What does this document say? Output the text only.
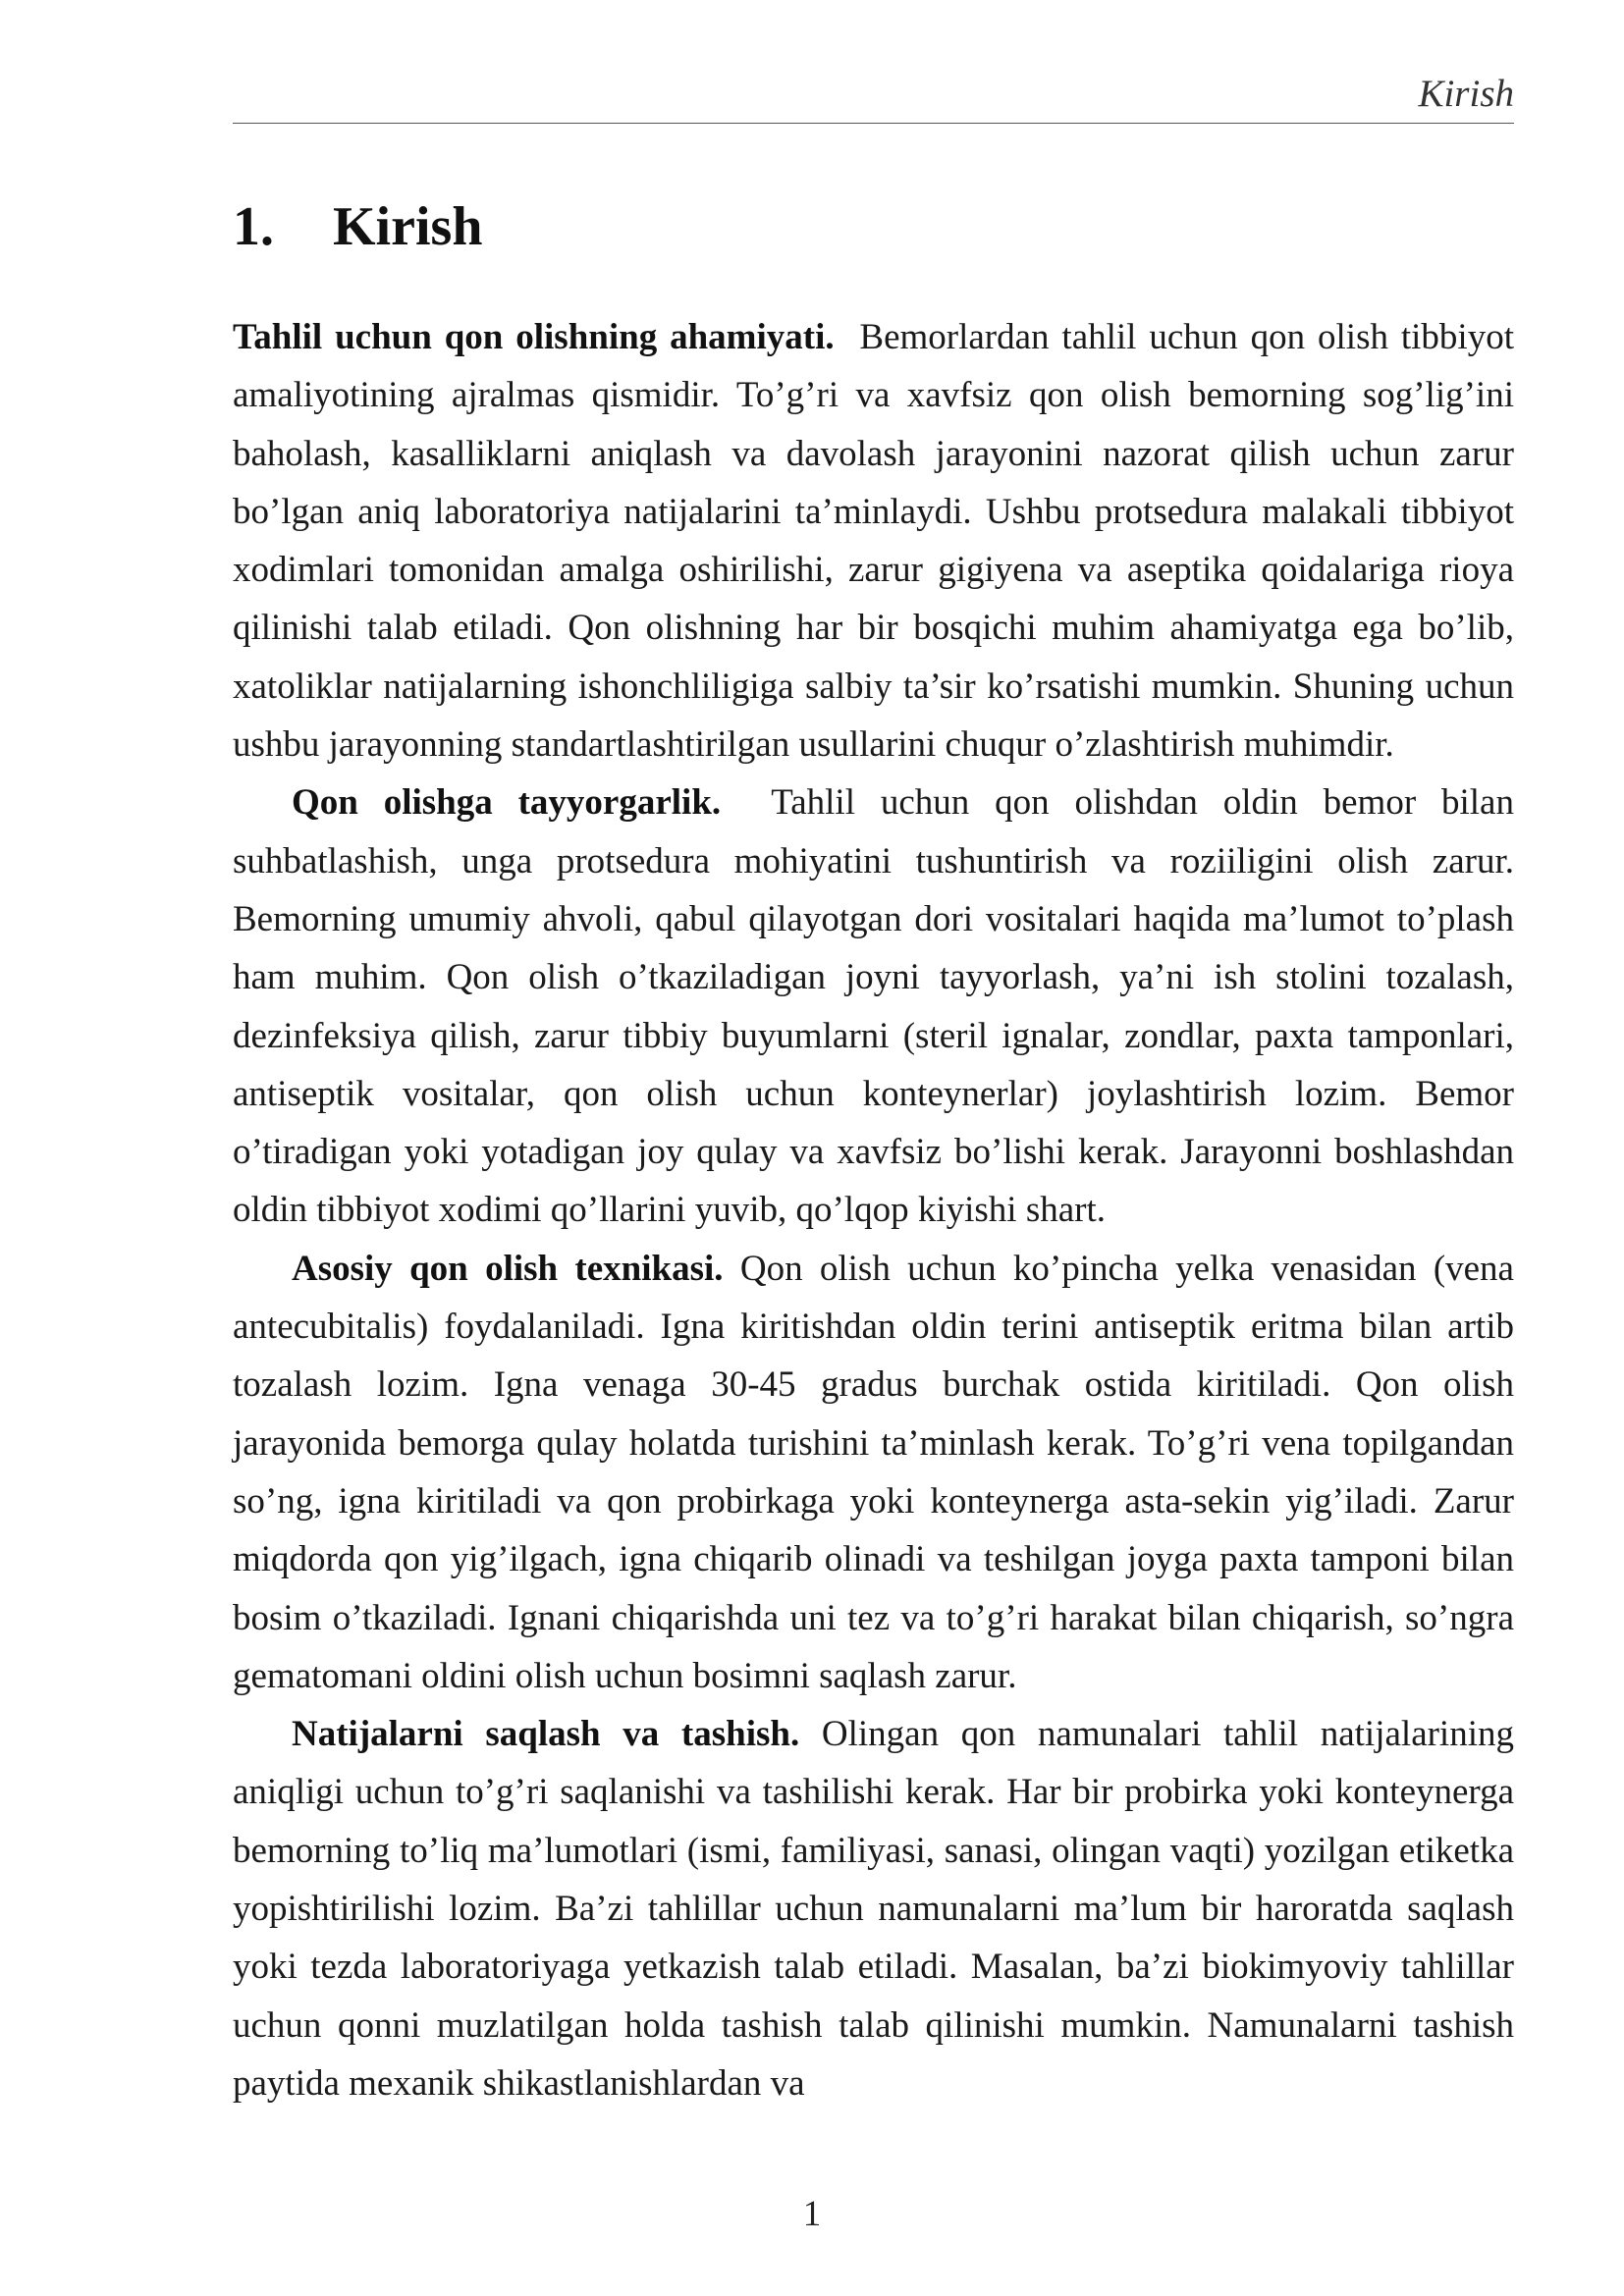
Kirish
1. Kirish

Tahlil uchun qon olishning ahamiyati. Bemorlardan tahlil uchun qon olish tibbiyot amaliyotining ajralmas qismidir. To’g’ri va xavfsiz qon olish bemorning sog’lig’ini baholash, kasalliklarni aniqlash va davolash jarayonini nazorat qilish uchun zarur bo’lgan aniq laboratoriya natijalarini ta’minlaydi. Ushbu protsedura malakali tibbiyot xodimlari tomonidan amalga oshirilishi, zarur gigiyena va aseptika qoidalariga rioya qilinishi talab etiladi. Qon olishning har bir bosqichi muhim ahamiyatga ega bo’lib, xatoliklar natijalarning ishonchliligiga salbiy ta’sir ko’rsatishi mumkin. Shuning uchun ushbu jarayonning standartlashtirilgan usullarini chuqur o’zlashtirish muhimdir.

Qon olishga tayyorgarlik. Tahlil uchun qon olishdan oldin bemor bilan suhbatlashish, unga protsedura mohiyatini tushuntirish va roziiligini olish zarur. Bemorning umumiy ahvoli, qabul qilayotgan dori vositalari haqida ma’lumot to’plash ham muhim. Qon olish o’tkaziladigan joyni tayyorlash, ya’ni ish stolini tozalash, dezinfeksiya qilish, zarur tibbiy buyumlarni (steril ignalar, zondlar, paxta tamponlari, antiseptik vositalar, qon olish uchun konteynerlar) joylashtirish lozim. Bemor o’tiradigan yoki yotadigan joy qulay va xavfsiz bo’lishi kerak. Jarayonni boshlashdan oldin tibbiyot xodimi qo’llarini yuvib, qo’lqop kiyishi shart.

Asosiy qon olish texnikasi. Qon olish uchun ko’pincha yelka venasidan (vena antecubitalis) foydalaniladi. Igna kiritishdan oldin terini antiseptik eritma bilan artib tozalash lozim. Igna venaga 30-45 gradus burchak ostida kiritiladi. Qon olish jarayonida bemorga qulay holatda turishini ta’minlash kerak. To’g’ri vena topilgandan so’ng, igna kiritiladi va qon probirkaga yoki konteynerga asta-sekin yig’iladi. Zarur miqdorda qon yig’ilgach, igna chiqarib olinadi va teshilgan joyga paxta tamponi bilan bosim o’tkaziladi. Ignani chiqarishda uni tez va to’g’ri harakat bilan chiqarish, so’ngra gematomani oldini olish uchun bosimni saqlash zarur.

Natijalarni saqlash va tashish. Olingan qon namunalari tahlil natijalarining aniqligi uchun to’g’ri saqlanishi va tashilishi kerak. Har bir probirka yoki konteynerga bemorning to’liq ma’lumotlari (ismi, familiyasi, sanasi, olingan vaqti) yozilgan etiketka yopishtirilishi lozim. Ba’zi tahlillar uchun namunalarni ma’lum bir haroratda saqlash yoki tezda laboratoriyaga yetkazish talab etiladi. Masalan, ba’zi biokimyoviy tahlillar uchun qonni muzlatilgan holda tashish talab qilinishi mumkin. Namunalarni tashish paytida mexanik shikastlanishlardan va

1
